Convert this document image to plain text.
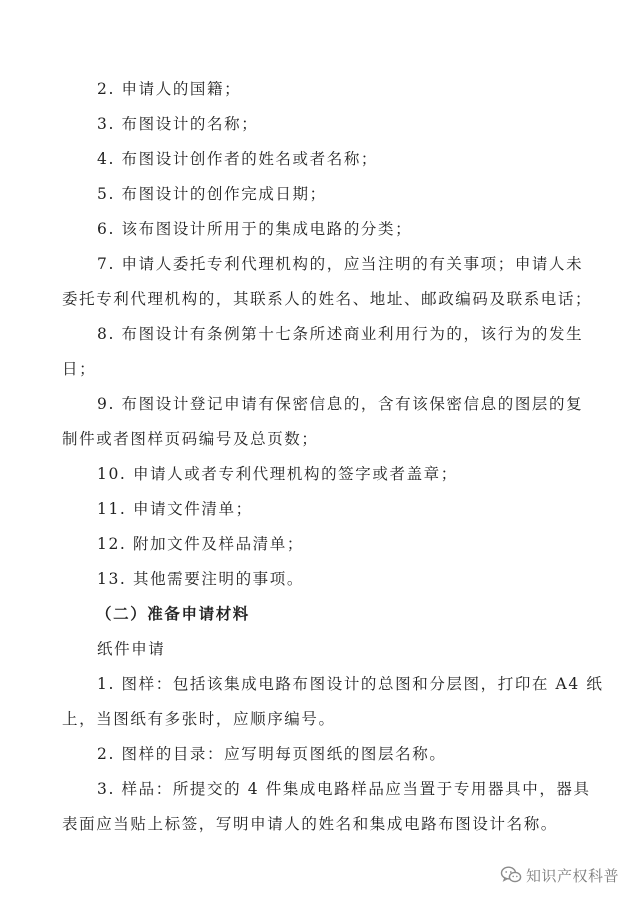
2. 申请人的国籍；
3. 布图设计的名称；
4. 布图设计创作者的姓名或者名称；
5. 布图设计的创作完成日期；
6. 该布图设计所用于的集成电路的分类；
7. 申请人委托专利代理机构的，应当注明的有关事项；申请人未
委托专利代理机构的，其联系人的姓名、地址、邮政编码及联系电话；
8. 布图设计有条例第十七条所述商业利用行为的，该行为的发生
日；
9. 布图设计登记申请有保密信息的，含有该保密信息的图层的复
制件或者图样页码编号及总页数；
10. 申请人或者专利代理机构的签字或者盖章；
11. 申请文件清单；
12. 附加文件及样品清单；
13. 其他需要注明的事项。
（二）准备申请材料
纸件申请
1. 图样：包括该集成电路布图设计的总图和分层图，打印在 A4 纸
上，当图纸有多张时，应顺序编号。
2. 图样的目录：应写明每页图纸的图层名称。
3. 样品：所提交的 4 件集成电路样品应当置于专用器具中，器具
表面应当贴上标签，写明申请人的姓名和集成电路布图设计名称。
知识产权科普
